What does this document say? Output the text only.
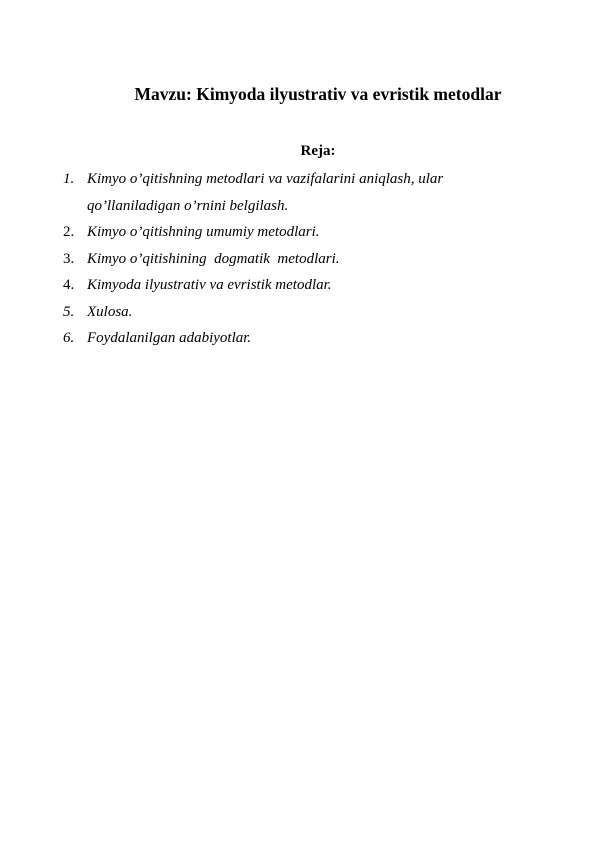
Mavzu: Kimyoda ilyustrativ va evristik metodlar
Reja:
1. Kimyo o’qitishning metodlari va vazifalarini aniqlash, ular qo’llaniladigan o’rnini belgilash.
2. Kimyo o’qitishning umumiy metodlari.
3. Kimyo o’qitishining  dogmatik  metodlari.
4. Kimyoda ilyustrativ va evristik metodlar.
5. Xulosa.
6. Foydalanilgan adabiyotlar.
